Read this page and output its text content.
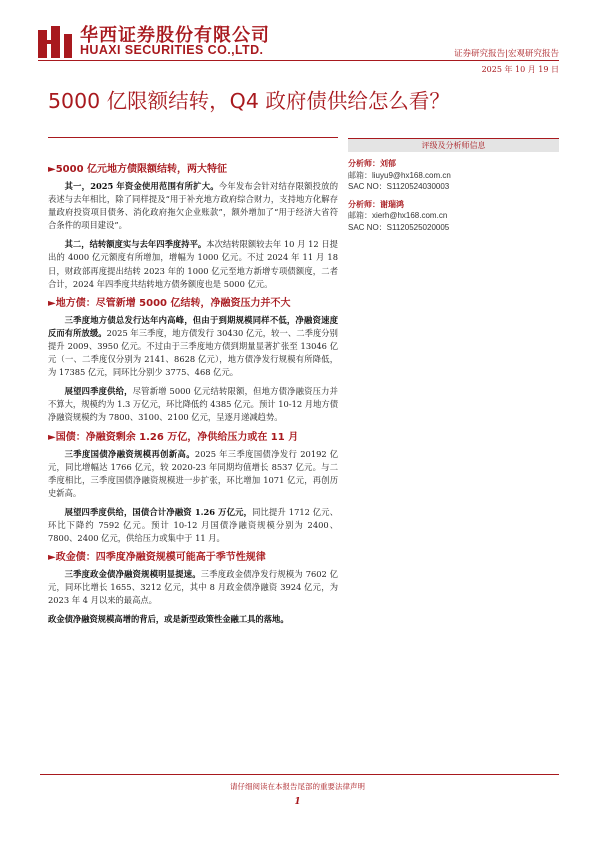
华西证券股份有限公司
HUAXI SECURITIES CO.,LTD.	证券研究报告|宏观研究报告
2025 年 10 月 19 日
5000 亿限额结转，Q4 政府债供给怎么看？
►5000 亿元地方债限额结转，两大特征

其一，2025 年资金使用范围有所扩大。今年发布会针对结存限额投放的表述与去年相比，除了同样提及“用于补充地方政府综合财力，支持地方化解存量政府投资项目债务、消化政府拖欠企业账款”，额外增加了“用于经济大省符合条件的项目建设”。

其二，结转额度实与去年四季度持平。本次结转限额较去年 10 月 12 日提出的 4000 亿元额度有所增加，增幅为 1000 亿元。不过 2024 年 11 月 18 日，财政部再度提出结转 2023 年的 1000 亿元至地方新增专项债额度，二者合计，2024 年四季度共结转地方债务额度也是 5000 亿元。

►地方债：尽管新增 5000 亿结转，净融资压力并不大

三季度地方债总发行达年内高峰，但由于到期规模同样不低，净融资速度反而有所放缓。2025 年三季度，地方债发行 30430 亿元，较一、二季度分别提升 2009、3950 亿元。不过由于三季度地方债到期量显著扩张至 13046 亿元（一、二季度仅分别为 2141、8628 亿元），地方债净发行规模有所降低，为 17385 亿元，同环比分别少 3775、468 亿元。

展望四季度供给，尽管新增 5000 亿元结转限额，但地方债净融资压力并不算大，规模约为 1.3 万亿元，环比降低约 4385 亿元。预计 10-12 月地方债净融资规模约为 7800、3100、2100 亿元，呈逐月递减趋势。

►国债：净融资剩余 1.26 万亿，净供给压力或在 11 月

三季度国债净融资规模再创新高。2025 年三季度国债净发行 20192 亿元，同比增幅达 1766 亿元，较 2020-23 年同期均值增长 8537 亿元。与二季度相比，三季度国债净融资规模进一步扩张，环比增加 1071 亿元，再创历史新高。

展望四季度供给，国债合计净融资 1.26 万亿元，同比提升 1712 亿元、环比下降约 7592 亿元。预计 10-12 月国债净融资规模分别为 2400、7800、2400 亿元，供给压力或集中于 11 月。

►政金债：四季度净融资规模可能高于季节性规律

三季度政金债净融资规模明显提速。三季度政金债净发行规模为 7602 亿元，同环比增长 1655、3212 亿元，其中 8 月政金债净融资 3924 亿元，为 2023 年 4 月以来的最高点。

政金债净融资规模高增的背后，或是新型政策性金融工具的落地。

评级及分析师信息
分析师：刘郁
邮箱：liuyu9@hx168.com.cn
SAC NO：S1120524030003
分析师：谢瑞鸿
邮箱：xierh@hx168.com.cn
SAC NO：S1120525020005
请仔细阅读在本报告尾部的重要法律声明
1
